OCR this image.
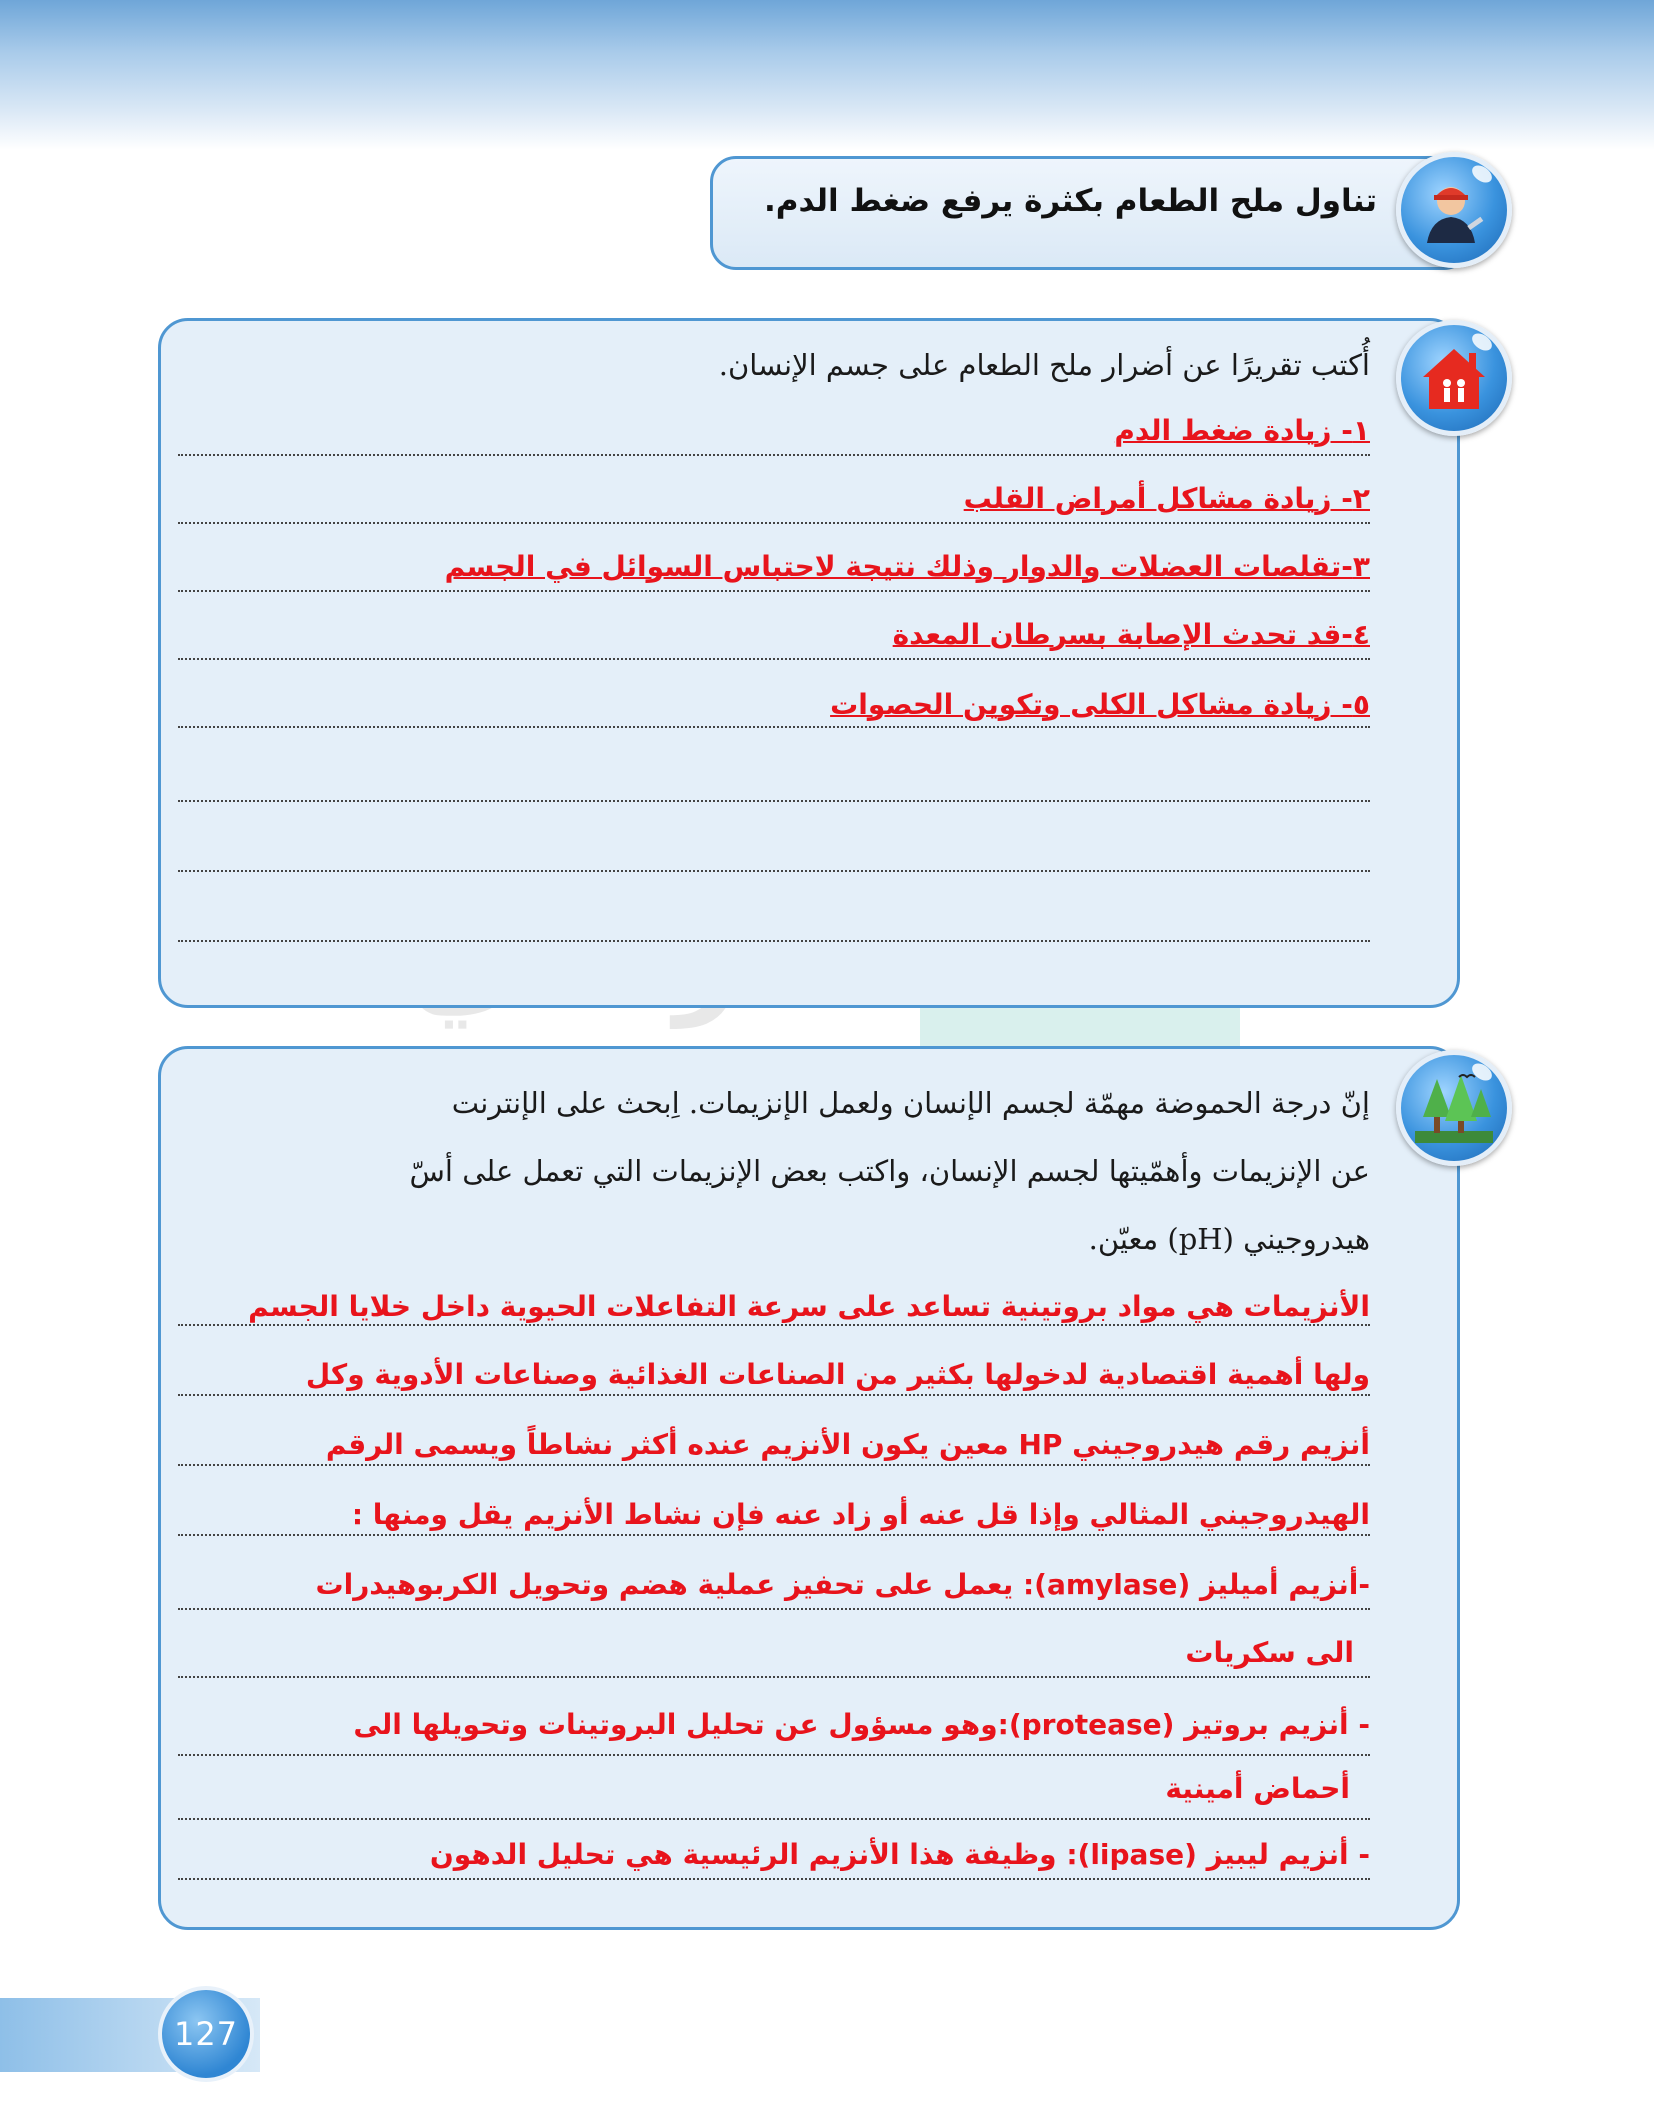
تناول ملح الطعام بكثرة يرفع ضغط الدم.
أُكتب تقريرًا عن أضرار ملح الطعام على جسم الإنسان.
١- زيادة ضغط الدم
٢- زيادة مشاكل أمراض القلب
٣-تقلصات العضلات والدوار وذلك نتيجة لاحتباس السوائل في الجسم
٤-قد تحدث الإصابة بسرطان المعدة
٥- زيادة مشاكل الكلى وتكوين الحصوات
إنّ درجة الحموضة مهمّة لجسم الإنسان ولعمل الإنزيمات. اِبحث على الإنترنت
عن الإنزيمات وأهمّيتها لجسم الإنسان، واكتب بعض الإنزيمات التي تعمل على أسّ
هيدروجيني (pH) معيّن.
الأنزيمات هي مواد بروتينية تساعد على سرعة التفاعلات الحيوية داخل خلايا الجسم
ولها أهمية اقتصادية لدخولها بكثير من الصناعات الغذائية وصناعات الأدوية وكل
أنزيم رقم هيدروجيني HP معين يكون الأنزيم عنده أكثر نشاطاً ويسمى الرقم
الهيدروجيني المثالي وإذا قل عنه أو زاد عنه فإن نشاط الأنزيم يقل ومنها :
-أنزيم أميليز (amylase): يعمل على تحفيز عملية هضم وتحويل الكربوهيدرات
الى سكريات
- أنزيم بروتيز (protease):وهو مسؤول عن تحليل البروتينات وتحويلها الى
أحماض أمينية
- أنزيم ليبيز (lipase): وظيفة هذا الأنزيم الرئيسية هي تحليل الدهون
127
